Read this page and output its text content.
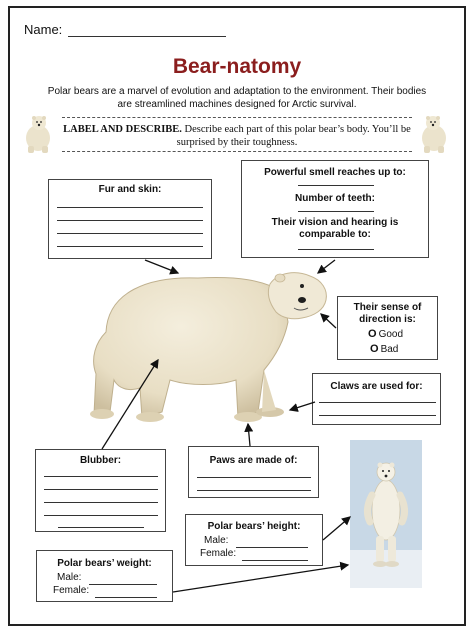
Name:
Bear-natomy
Polar bears are a marvel of evolution and adaptation to the environment. Their bodies are streamlined machines designed for Arctic survival.
LABEL AND DESCRIBE. Describe each part of this polar bear’s body. You’ll be surprised by their toughness.
Fur and skin:
Powerful smell reaches up to:
Number of teeth:
Their vision and hearing is comparable to:
Their sense of direction is:
O Good
O Bad
Claws are used for:
Blubber:	Paws are made of:
Polar bears’ height:
Male:
Female:
Polar bears’ weight:
Male:
Female:
